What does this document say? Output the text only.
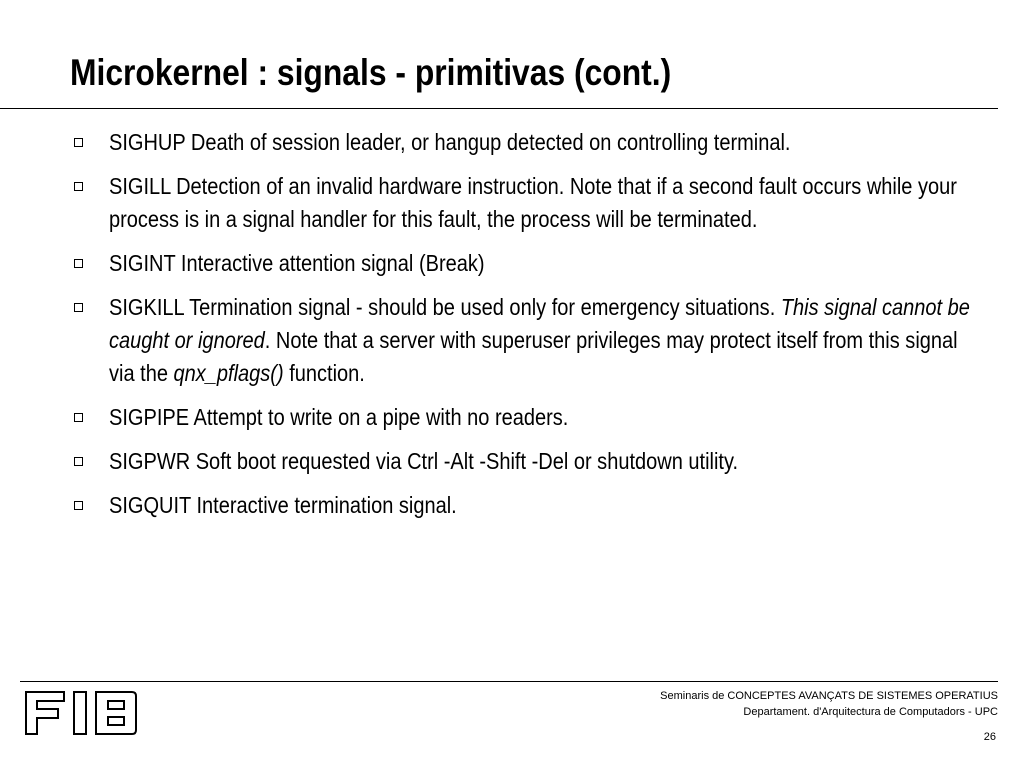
Microkernel : signals - primitivas (cont.)
SIGHUP Death of session leader, or hangup detected on controlling terminal.
SIGILL Detection of an invalid hardware instruction. Note that if a second fault occurs while your process is in a signal handler for this fault, the process will be terminated.
SIGINT Interactive attention signal (Break)
SIGKILL Termination signal - should be used only for emergency situations. This signal cannot be caught or ignored. Note that a server with superuser privileges may protect itself from this signal via the qnx_pflags() function.
SIGPIPE Attempt to write on a pipe with no readers.
SIGPWR Soft boot requested via Ctrl -Alt -Shift -Del or shutdown utility.
SIGQUIT Interactive termination signal.
Seminaris de CONCEPTES AVANÇATS DE SISTEMES OPERATIUS
Departament. d'Arquitectura de Computadors - UPC
26
